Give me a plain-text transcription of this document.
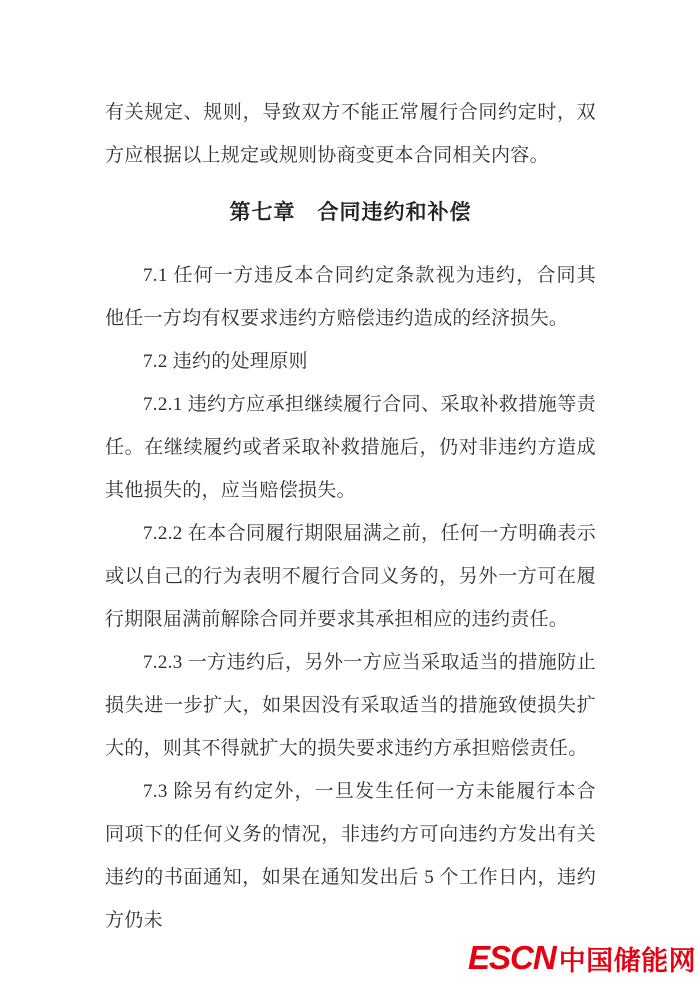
有关规定、规则，导致双方不能正常履行合同约定时，双方应根据以上规定或规则协商变更本合同相关内容。

第七章　合同违约和补偿

7.1 任何一方违反本合同约定条款视为违约，合同其他任一方均有权要求违约方赔偿违约造成的经济损失。

7.2 违约的处理原则

7.2.1 违约方应承担继续履行合同、采取补救措施等责任。在继续履约或者采取补救措施后，仍对非违约方造成其他损失的，应当赔偿损失。

7.2.2 在本合同履行期限届满之前，任何一方明确表示或以自己的行为表明不履行合同义务的，另外一方可在履行期限届满前解除合同并要求其承担相应的违约责任。

7.2.3 一方违约后，另外一方应当采取适当的措施防止损失进一步扩大，如果因没有采取适当的措施致使损失扩大的，则其不得就扩大的损失要求违约方承担赔偿责任。

7.3 除另有约定外，一旦发生任何一方未能履行本合同项下的任何义务的情况，非违约方可向违约方发出有关违约的书面通知，如果在通知发出后 5 个工作日内，违约方仍未

ESCN 中国储能网
